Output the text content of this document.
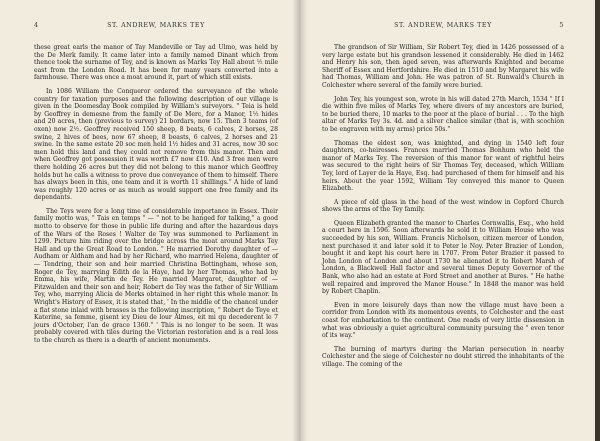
4	ST. ANDREW, MARKS TEY

these great earls the manor of Tay Mandeville or Tay ad Ulmo, was held by the De Merk family. It came later into a family named Dinant which from thence took the surname of Tey, and is known as Marks Tey Hall about ½ mile east from the London Road. It has been for many years converted into a farmhouse. There was once a moat around it, part of which still exists.

In 1086 William the Conqueror ordered the surveyance of the whole country for taxation purposes and the following description of our village is given in the Doomesday Book compiled by William's surveyors. " Teia is held by Geoffrey in demesne from the family of De Merc, for a Manor, 1½ hides and 20 acres, then (previous to survey) 21 bordars, now 15. Then 3 teams (of oxen) now 2½. Geoffrey received 150 sheep, 8 beats, 6 calves, 2 horses, 28 swine, 2 hives of bees, now 67 sheep, 8 beasts, 6 calves, 2 horses and 21 swine. In the same estate 20 soc men held 1½ hides and 31 acres, now 30 soc men hold this land and they could not remove from this manor. Then and when Geoffrey got possession it was worth £7 now £10. And 3 free men were there holding 26 acres but they did not belong to this manor which Geoffrey holds but he calls a witness to prove due conveyance of them to himself. There has always been in this, one team and it is worth 11 shillings." A hide of land was roughly 120 acres or as much as would support one free family and its dependants.

The Teys were for a long time of considerable importance in Essex. Their family motto was, " Tais en temps " — " not to be hanged for talking," a good motto to observe for those in public life during and after the hazardous days of the Wars of the Roses ! Walter de Tey was summoned to Parliament in 1299. Picture him riding over the bridge across the moat around Marks Tey Hall and up the Great Road to London. " He married Dorothy daughter of — Audham or Aldham and had by her Richard, who married Helena, daughter of — Tendring, their son and heir married Christina Bottingham, whose son, Roger de Tey, marrying Edith de la Haye, had by her Thomas, who had by Emma, his wife, Martin de Tey. He married Margaret, daughter of — Fitzwalden and their son and heir, Robert de Tey was the father of Sir William Tey, who, marrying Alicia de Merks obtained in her right this whole manor. In Wright's History of Essex, it is stated that, ' In the middle of the chancel under a flat stone inlaid with brasses is the following inscription, " Robert de Teye et Katerine, sa femme, gisent icy Dieu de lour Almes, eit mi qu decederent le 7 jours d'October, l'an de grace 1360." ' This is no longer to be seen. It was probably covered with tiles during the Victorian restoration and is a real loss to the church as there is a dearth of ancient monuments.

ST. ANDREW, MARKS TEY	5

The grandson of Sir William, Sir Robert Tey, died in 1426 possessed of a very large estate but his grandson lessened it considerably. He died in 1462 and Henry his son, then aged seven, was afterwards Knighted and became Sheriff of Essex and Hertfordshire. He died in 1510 and by Margaret his wife had Thomas, William and John. He was patron of St. Runwald's Church in Colchester where several of the family were buried.

John Tey, his youngest son, wrote in his will dated 27th March, 1534 " If I die within five miles of Marks Tey, where divers of my ancestors are buried, to be buried there, 10 marks to the poor at the place of burial . . . To the high altar of Marks Tey 3s. 4d. and a silver chalice similar (that is, with scochion to be engraven with my arms) price 50s."

Thomas the eldest son, was knighted, and dying in 1540 left four daughters, co-heiresses. Frances married Thomas Bonhum who held the manor of Marks Tey. The reversion of this manor for want of rightful heirs was secured to the right heirs of Sir Thomas Tey, deceased, which William Tey, lord of Layer de la Haye, Esq. had purchased of them for himself and his heirs. About the year 1592, William Tey conveyed this manor to Queen Elizabeth.

A piece of old glass in the head of the west window in Copford Church shows the arms of the Tey family.

Queen Elizabeth granted the manor to Charles Cornwallis, Esq., who held a court here in 1596. Soon afterwards he sold it to William House who was succeeded by his son, William. Francis Nicholson, citizen mercer of London, next purchased it and later sold it to Peter le Noy. Peter Brazier of London, bought it and kept his court here in 1707. From Peter Brazier it passed to John London of London and about 1730 he alienated it to Robert Marsh of London, a Blackwell Hall factor and several times Deputy Governor of the Bank, who also had an estate at Ford Street and another at Bures. " He hathe well repaired and improved the Manor House." In 1848 the manor was held by Robert Chaplin.

Even in more leisurely days than now the village must have been a corridor from London with its momentous events, to Colchester and the east coast for embarkation to the continent. One reads of very little dissension in what was obviously a quiet agricultural community pursuing the " even tenor of its way."

The burning of martyrs during the Marian persecution in nearby Colchester and the siege of Colchester no doubt stirred the inhabitants of the village. The coming of the
